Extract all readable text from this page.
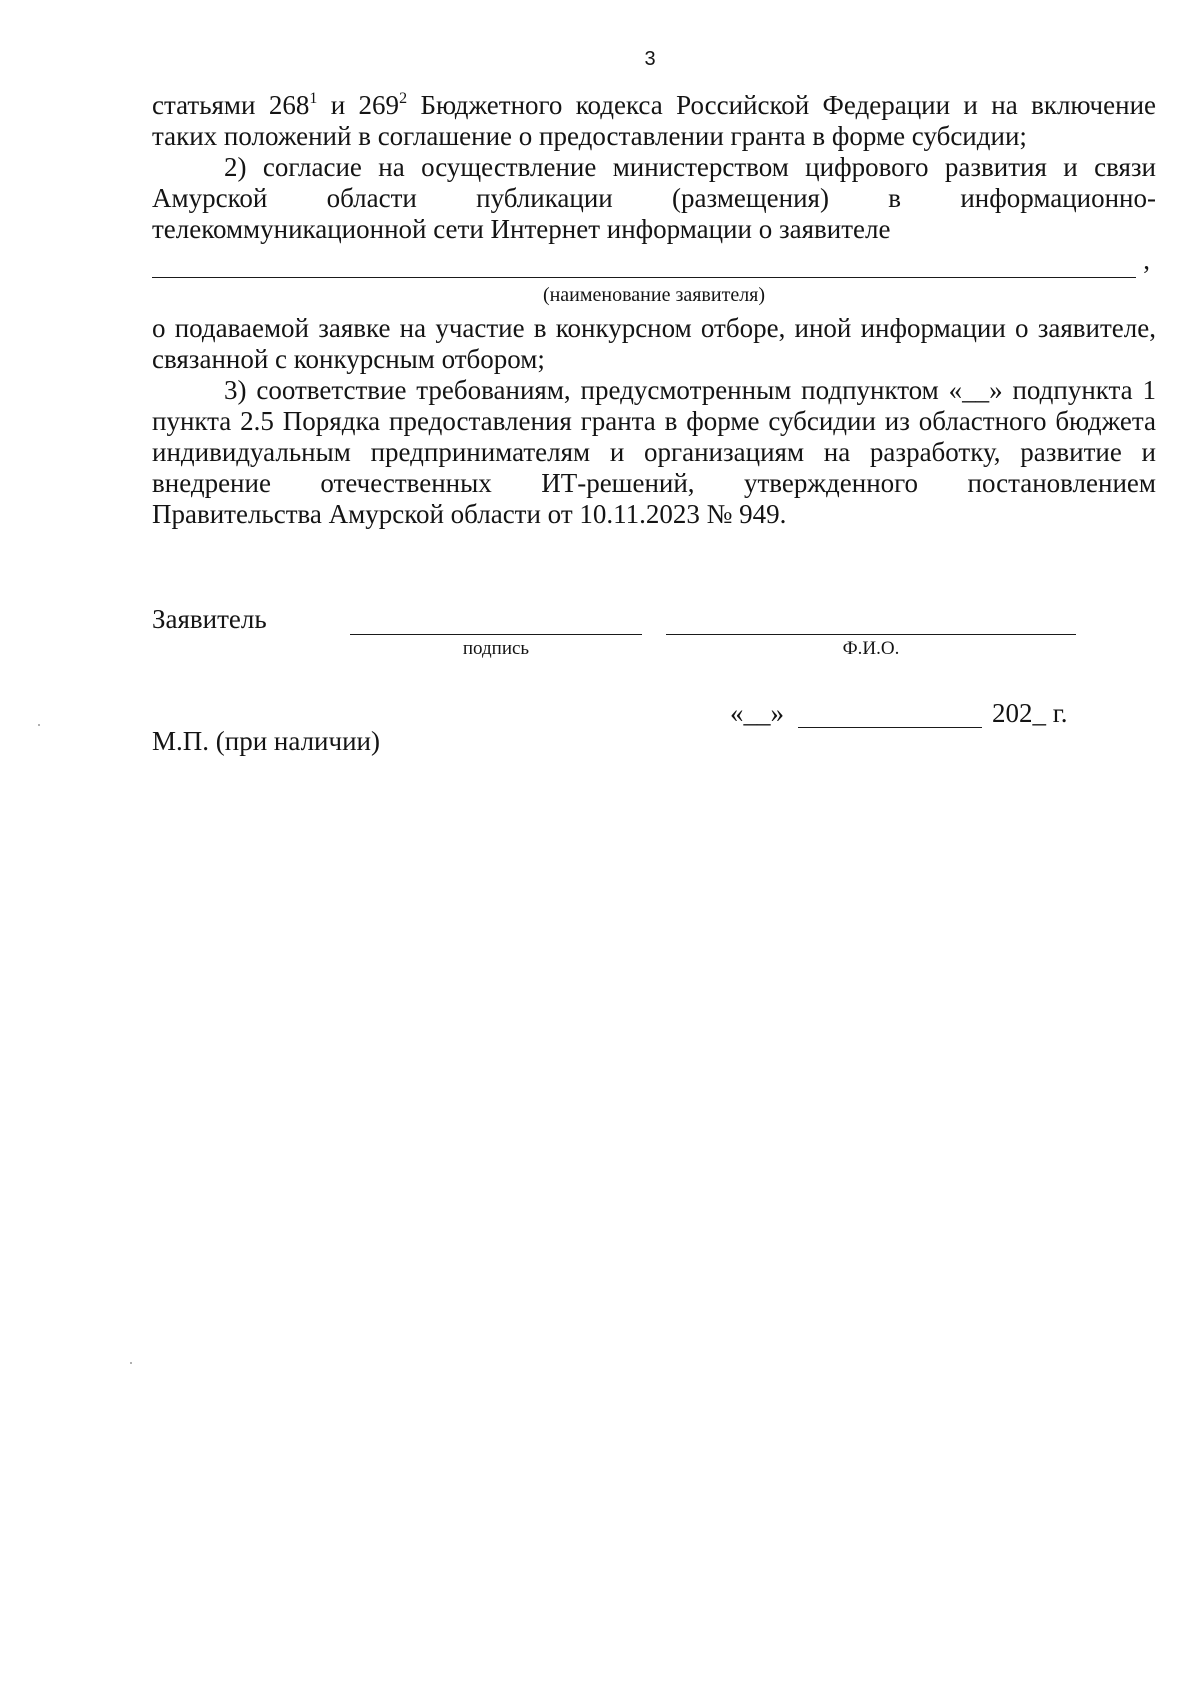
3

статьями $268^1$ и $269^2$ Бюджетного кодекса Российской Федерации и на включение таких положений в соглашение о предоставлении гранта в форме субсидии;

2) согласие на осуществление министерством цифрового развития и связи Амурской области публикации (размещения) в информационно-телекоммуникационной сети Интернет информации о заявителе

,
(наименование заявителя)

о подаваемой заявке на участие в конкурсном отборе, иной информации о заявителе, связанной с конкурсным отбором;

3) соответствие требованиям, предусмотренным подпунктом «__» подпункта 1 пункта 2.5 Порядка предоставления гранта в форме субсидии из областного бюджета индивидуальным предпринимателям и организациям на разработку, развитие и внедрение отечественных ИТ-решений, утвержденного постановлением Правительства Амурской области от 10.11.2023 № 949.

Заявитель
подпись	Ф.И.О.
«__»	202_ г.
М.П. (при наличии)
